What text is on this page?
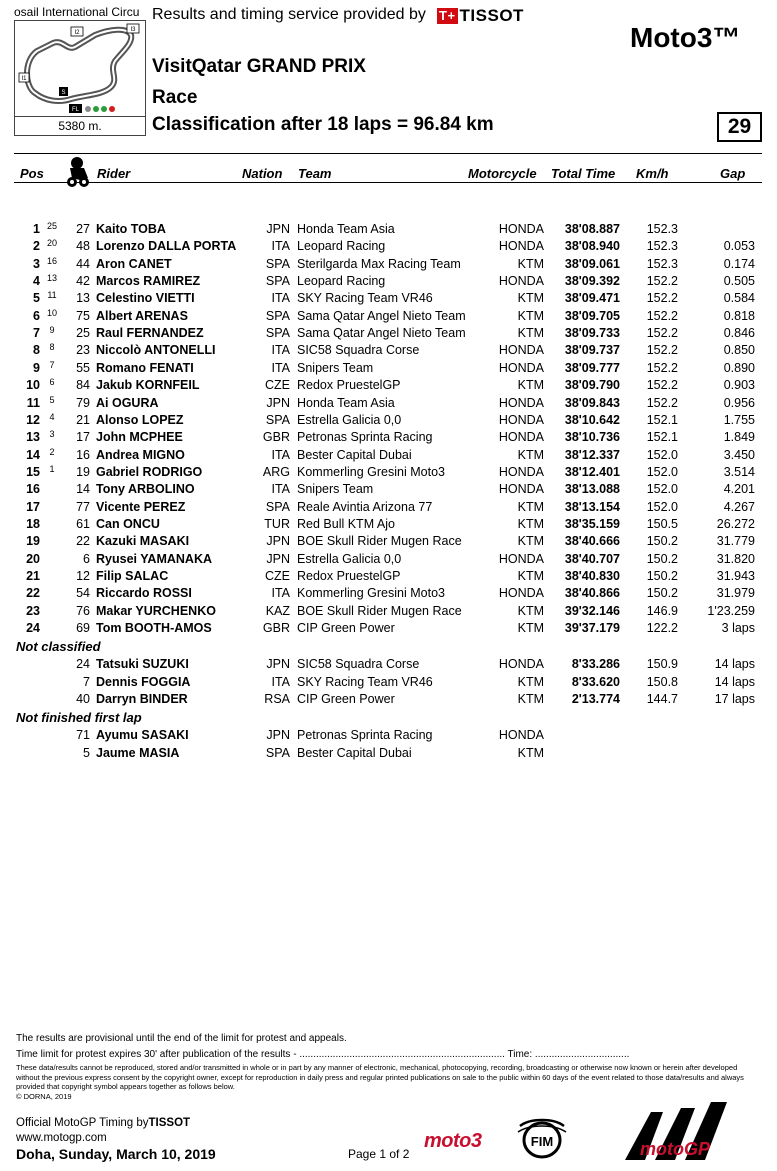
osail International Circu
I1
I2	I3
S
FL
5380 m.
Results and timing service provided by T+ TISSOT
Moto3™
VisitQatar GRAND PRIX
Race
Classification after 18 laps = 96.84 km	29
Pos	Rider	Nation Team	Motorcycle Total Time Km/h	Gap
1 25	27 Kaito TOBA	JPN Honda Team Asia	HONDA	38'08.887	152.3
2 20	48 Lorenzo DALLA PORTA	ITA Leopard Racing	HONDA	38'08.940	152.3	0.053
3 16	44 Aron CANET	SPA Sterilgarda Max Racing Team	KTM	38'09.061	152.3	0.174
4 13	42 Marcos RAMIREZ	SPA Leopard Racing	HONDA	38'09.392	152.2	0.505
5 11	13 Celestino VIETTI	ITA SKY Racing Team VR46	KTM	38'09.471	152.2	0.584
6 10	75 Albert ARENAS	SPA Sama Qatar Angel Nieto Team	KTM	38'09.705	152.2	0.818
7	9	25 Raul FERNANDEZ	SPA Sama Qatar Angel Nieto Team	KTM	38'09.733	152.2	0.846
8	8	23 Niccolò ANTONELLI	ITA SIC58 Squadra Corse	HONDA	38'09.737	152.2	0.850
9	7	55 Romano FENATI	ITA Snipers Team	HONDA	38'09.777	152.2	0.890
10	6	84 Jakub KORNFEIL	CZE Redox PruestelGP	KTM	38'09.790	152.2	0.903
11	5	79 Ai OGURA	JPN Honda Team Asia	HONDA	38'09.843	152.2	0.956
12	4	21 Alonso LOPEZ	SPA Estrella Galicia 0,0	HONDA	38'10.642	152.1	1.755
13	3	17 John MCPHEE	GBR Petronas Sprinta Racing	HONDA	38'10.736	152.1	1.849
14	2	16 Andrea MIGNO	ITA Bester Capital Dubai	KTM	38'12.337	152.0	3.450
15	1	19 Gabriel RODRIGO	ARG Kommerling Gresini Moto3	HONDA	38'12.401	152.0	3.514
16	14 Tony ARBOLINO	ITA Snipers Team	HONDA	38'13.088	152.0	4.201
17	77 Vicente PEREZ	SPA Reale Avintia Arizona 77	KTM	38'13.154	152.0	4.267
18	61 Can ONCU	TUR Red Bull KTM Ajo	KTM	38'35.159	150.5	26.272
19	22 Kazuki MASAKI	JPN BOE Skull Rider Mugen Race	KTM	38'40.666	150.2	31.779
20	6 Ryusei YAMANAKA	JPN Estrella Galicia 0,0	HONDA	38'40.707	150.2	31.820
21	12 Filip SALAC	CZE Redox PruestelGP	KTM	38'40.830	150.2	31.943
22	54 Riccardo ROSSI	ITA Kommerling Gresini Moto3	HONDA	38'40.866	150.2	31.979
23	76 Makar YURCHENKO	KAZ BOE Skull Rider Mugen Race	KTM	39'32.146	146.9	1'23.259
24	69 Tom BOOTH-AMOS	GBR CIP Green Power	KTM	39'37.179	122.2	3 laps
Not classified
24 Tatsuki SUZUKI	JPN SIC58 Squadra Corse	HONDA	8'33.286	150.9	14 laps
7 Dennis FOGGIA	ITA SKY Racing Team VR46	KTM	8'33.620	150.8	14 laps
40 Darryn BINDER	RSA CIP Green Power	KTM	2'13.774	144.7	17 laps
Not finished first lap
71 Ayumu SASAKI	JPN Petronas Sprinta Racing	HONDA
5 Jaume MASIA	SPA Bester Capital Dubai	KTM
The results are provisional until the end of the limit for protest and appeals.
Time limit for protest expires 30' after publication of the results - .......................................................................... Time: ..................................
These data/results cannot be reproduced, stored and/or transmitted in whole or in part by any manner of electronic, mechanical, photocopying, recording, broadcasting or otherwise now known or herein after developed without the previous express consent by the copyright owner, except for reproduction in daily press and regular printed publications on sale to the public within 60 days of the event related to those data/results and always provided that copyright symbol appears together as follows below.
© DORNA, 2019
Official MotoGP Timing byTISSOT
www.motogp.com
Doha, Sunday, March 10, 2019	Page 1 of 2
moto3	FIM	motoGP
